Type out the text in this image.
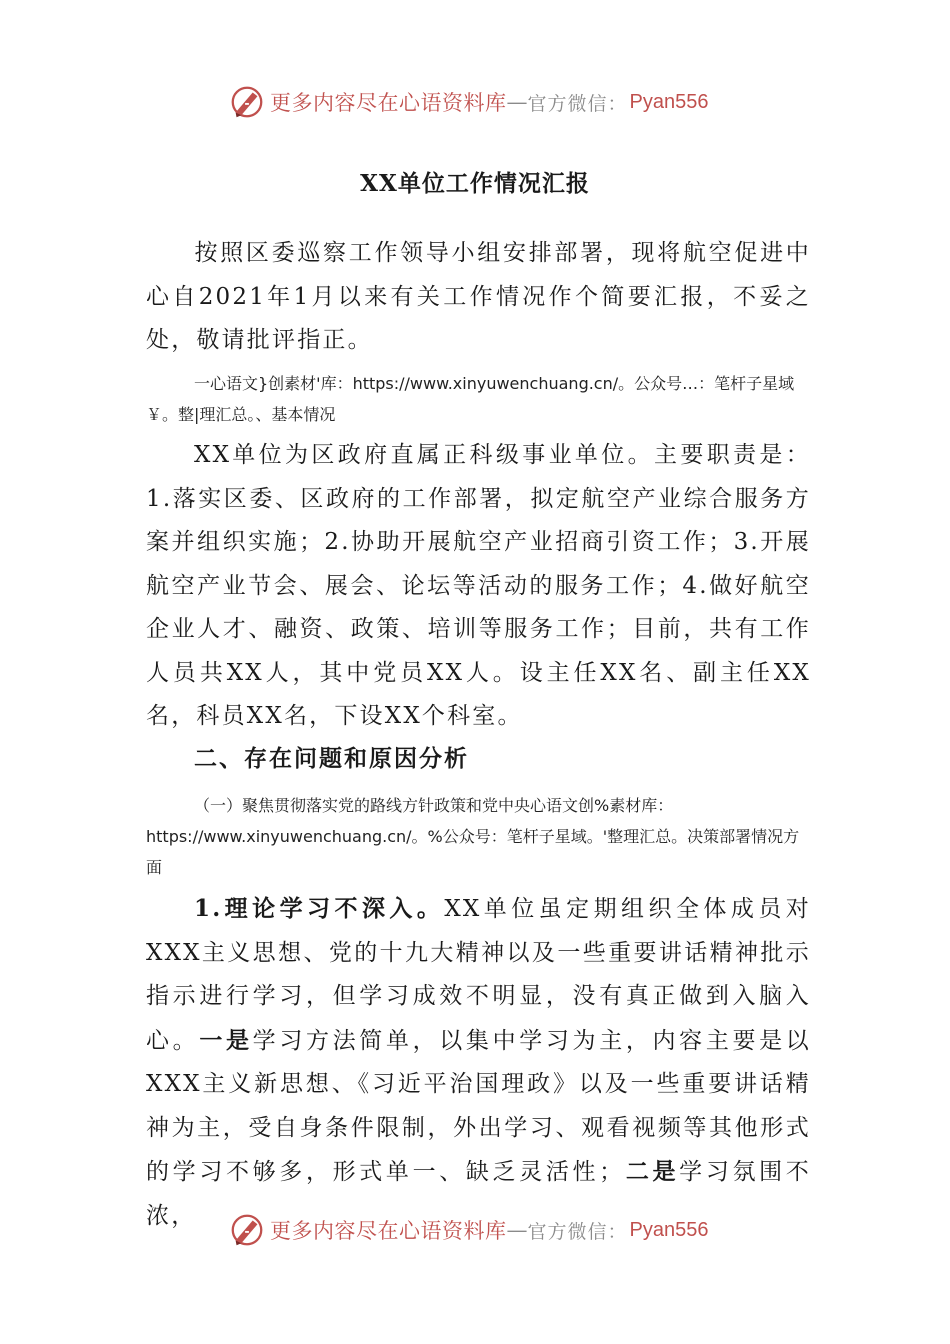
更多内容尽在心语资料库 — 官方微信： Pyan556
XX单位工作情况汇报

按照区委巡察工作领导小组安排部署，现将航空促进中心自2021年1月以来有关工作情况作个简要汇报，不妥之处，敬请批评指正。

一心语文}创素材'库：https://www.xinyuwenchuang.cn/。公众号…：笔杆子星域￥。整|理汇总。、基本情况

XX单位为区政府直属正科级事业单位。主要职责是：1.落实区委、区政府的工作部署，拟定航空产业综合服务方案并组织实施；2.协助开展航空产业招商引资工作；3.开展航空产业节会、展会、论坛等活动的服务工作；4.做好航空企业人才、融资、政策、培训等服务工作；目前，共有工作人员共XX人，其中党员XX人。设主任XX名、副主任XX名，科员XX名，下设XX个科室。

二、存在问题和原因分析

（一）聚焦贯彻落实党的路线方针政策和党中央心语文创%素材库：https://www.xinyuwenchuang.cn/。%公众号：笔杆子星域。'整理汇总。决策部署情况方面

1.理论学习不深入。XX单位虽定期组织全体成员对XXX主义思想、党的十九大精神以及一些重要讲话精神批示指示进行学习，但学习成效不明显，没有真正做到入脑入心。一是学习方法简单，以集中学习为主，内容主要是以XXX主义新思想、《习近平治国理政》以及一些重要讲话精神为主，受自身条件限制，外出学习、观看视频等其他形式的学习不够多，形式单一、缺乏灵活性；二是学习氛围不浓，

更多内容尽在心语资料库 — 官方微信： Pyan556
